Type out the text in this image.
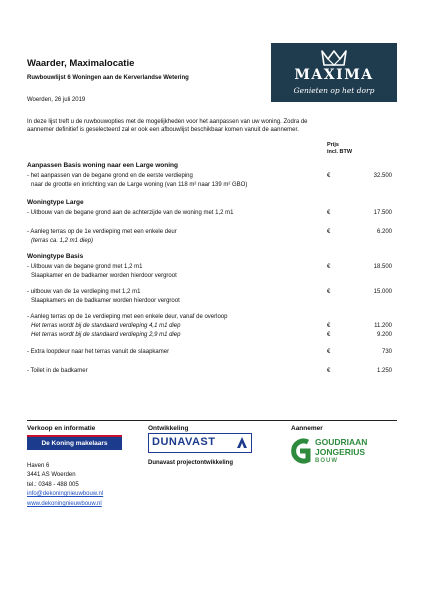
Waarder, Maximalocatie
Ruwbouwlijst 6 Woningen aan de Kerverlandse Wetering
Woerden, 26 juli 2019
MAXIMA
Genieten op het dorp
In deze lijst treft u de ruwbouwopties met de mogelijkheden voor het aanpassen van uw woning. Zodra de aannemer definitief is geselecteerd zal er ook een afbouwlijst beschikbaar komen vanuit de aannemer.
Prijs
incl. BTW
Aanpassen Basis woning naar een Large woning
- het aanpassen van de begane grond en de eerste verdieping	€	32.500
naar de grootte en inrichting van de Large woning (van 118 m² naar 139 m² GBO)
Woningtype Large
- Uitbouw van de begane grond aan de achterzijde van de woning met 1,2 m1	€	17.500
- Aanleg terras op de 1e verdieping met een enkele deur	€	6.200
(terras ca. 1,2 m1 diep)
Woningtype Basis
- Uitbouw van de begane grond met 1,2 m1	€	18.500
Slaapkamer en de badkamer worden hierdoor vergroot
- uitbouw van de 1e verdieping met 1,2 m1	€	15.000
Slaapkamers en de badkamer worden hierdoor vergroot
- Aanleg terras op de 1e verdieping met een enkele deur, vanaf de overloop
Het terras wordt bij de standaard verdieping 4,1 m1 diep	€	11.200
Het terras wordt bij de standaard verdieping 2,9 m1 diep	€	9.200
- Extra loopdeur naar het terras vanuit de slaapkamer	€	730
- Toilet in de badkamer	€	1.250
Verkoop en informatie	Ontwikkeling	Aannemer
De Koning makelaars	DUNAVAST
Dunavast projectontwikkeling
GOUDRIAAN
JONGERIUS
BOUW
Haven 6
3441 AS Woerden
tel.: 0348 - 488 005
info@dekoningnieuwbouw.nl
www.dekoningnieuwbouw.nl
